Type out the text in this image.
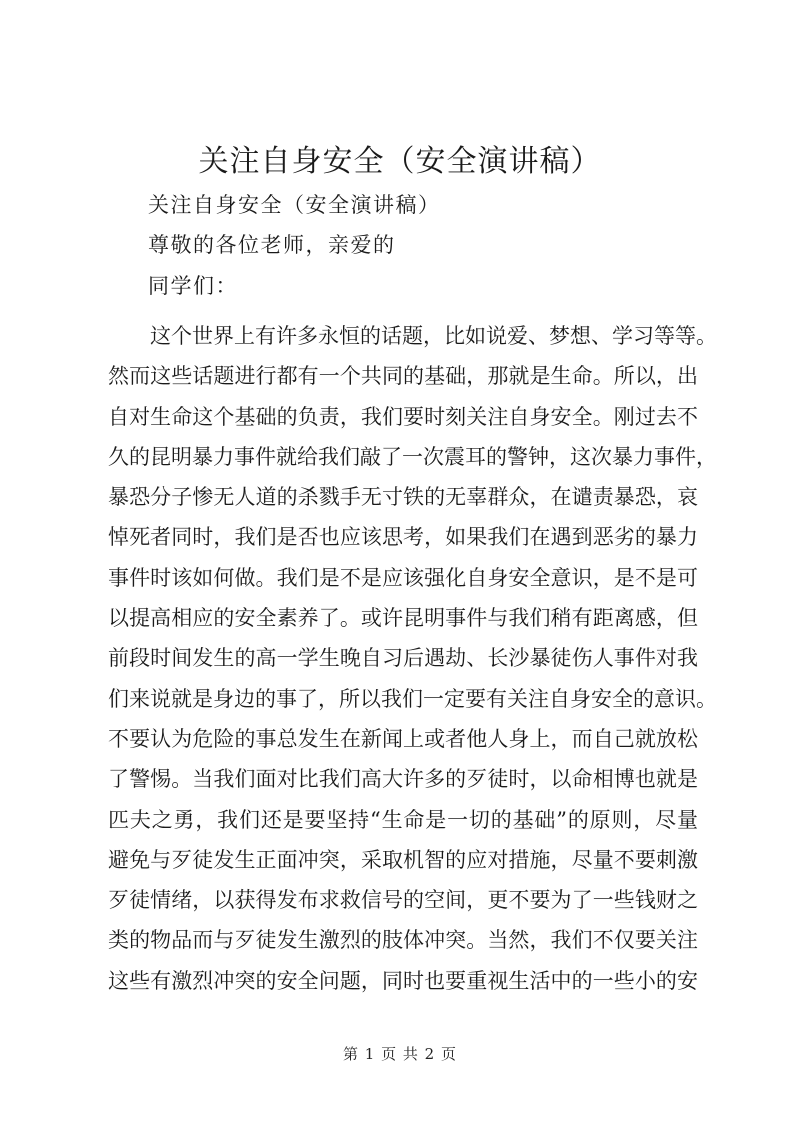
关注自身安全（安全演讲稿）

关注自身安全（安全演讲稿）

尊敬的各位老师，亲爱的

同学们：

这个世界上有许多永恒的话题，比如说爱、梦想、学习等等。
然而这些话题进行都有一个共同的基础，那就是生命。所以，出
自对生命这个基础的负责，我们要时刻关注自身安全。刚过去不
久的昆明暴力事件就给我们敲了一次震耳的警钟，这次暴力事件，
暴恐分子惨无人道的杀戮手无寸铁的无辜群众，在谴责暴恐，哀
悼死者同时，我们是否也应该思考，如果我们在遇到恶劣的暴力
事件时该如何做。我们是不是应该强化自身安全意识，是不是可
以提高相应的安全素养了。或许昆明事件与我们稍有距离感，但
前段时间发生的高一学生晚自习后遇劫、长沙暴徒伤人事件对我
们来说就是身边的事了，所以我们一定要有关注自身安全的意识。
不要认为危险的事总发生在新闻上或者他人身上，而自己就放松
了警惕。当我们面对比我们高大许多的歹徒时，以命相博也就是
匹夫之勇，我们还是要坚持“生命是一切的基础”的原则，尽量
避免与歹徒发生正面冲突，采取机智的应对措施，尽量不要刺激
歹徒情绪，以获得发布求救信号的空间，更不要为了一些钱财之
类的物品而与歹徒发生激烈的肢体冲突。当然，我们不仅要关注
这些有激烈冲突的安全问题，同时也要重视生活中的一些小的安
第 1 页 共 2 页
